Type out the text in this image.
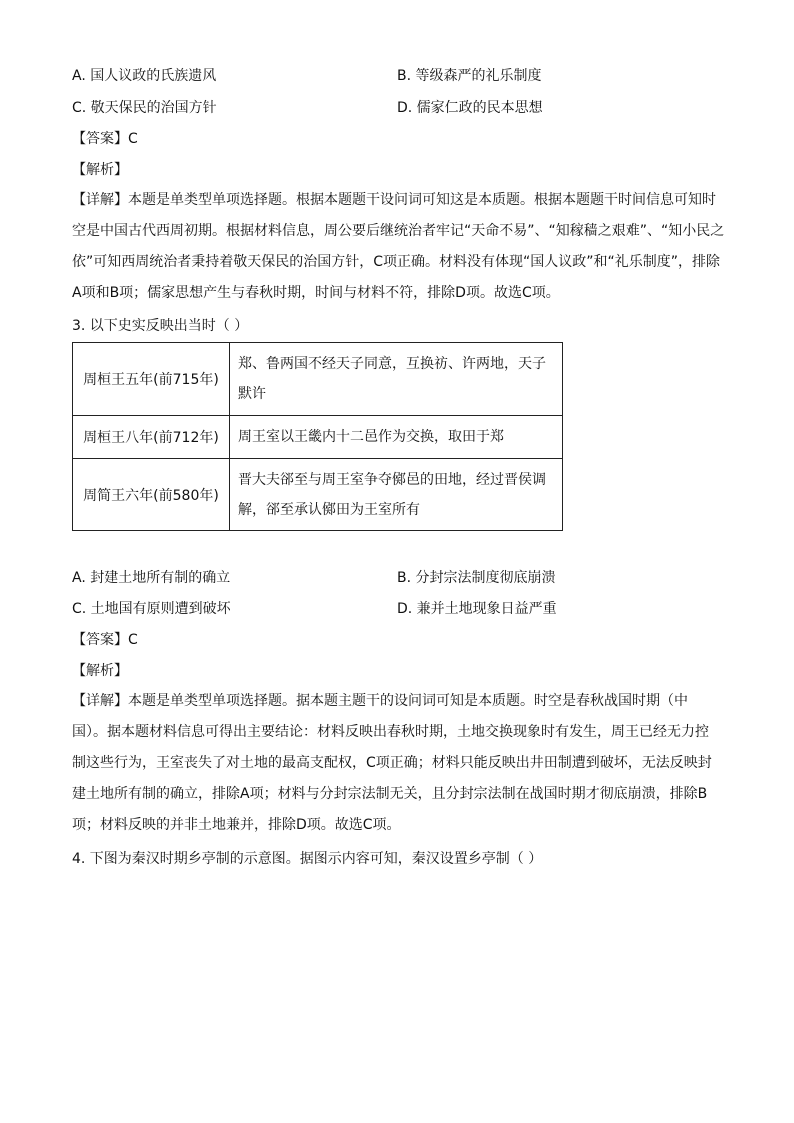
A. 国人议政的氏族遗风	B. 等级森严的礼乐制度
C. 敬天保民的治国方针	D. 儒家仁政的民本思想
【答案】C
【解析】
【详解】本题是单类型单项选择题。根据本题题干设问词可知这是本质题。根据本题题干时间信息可知时
空是中国古代西周初期。根据材料信息，周公要后继统治者牢记“天命不易”、“知稼穑之艰难”、“知小民之
依”可知西周统治者秉持着敬天保民的治国方针，C项正确。材料没有体现“国人议政”和“礼乐制度”，排除
A项和B项；儒家思想产生与春秋时期，时间与材料不符，排除D项。故选C项。
3. 以下史实反映出当时（ ）
周桓王五年(前715年)	郑、鲁两国不经天子同意，互换祊、许两地，天子默许
周桓王八年(前712年)	周王室以王畿内十二邑作为交换，取田于郑
周简王六年(前580年)	晋大夫郤至与周王室争夺鄇邑的田地，经过晋侯调解，郤至承认鄇田为王室所有
A. 封建土地所有制的确立	B. 分封宗法制度彻底崩溃
C. 土地国有原则遭到破坏	D. 兼并土地现象日益严重
【答案】C
【解析】
【详解】本题是单类型单项选择题。据本题主题干的设问词可知是本质题。时空是春秋战国时期（中
国）。据本题材料信息可得出主要结论：材料反映出春秋时期，土地交换现象时有发生，周王已经无力控
制这些行为，王室丧失了对土地的最高支配权，C项正确；材料只能反映出井田制遭到破坏，无法反映封
建土地所有制的确立，排除A项；材料与分封宗法制无关，且分封宗法制在战国时期才彻底崩溃，排除B
项；材料反映的并非土地兼并，排除D项。故选C项。
4. 下图为秦汉时期乡亭制的示意图。据图示内容可知，秦汉设置乡亭制（ ）
